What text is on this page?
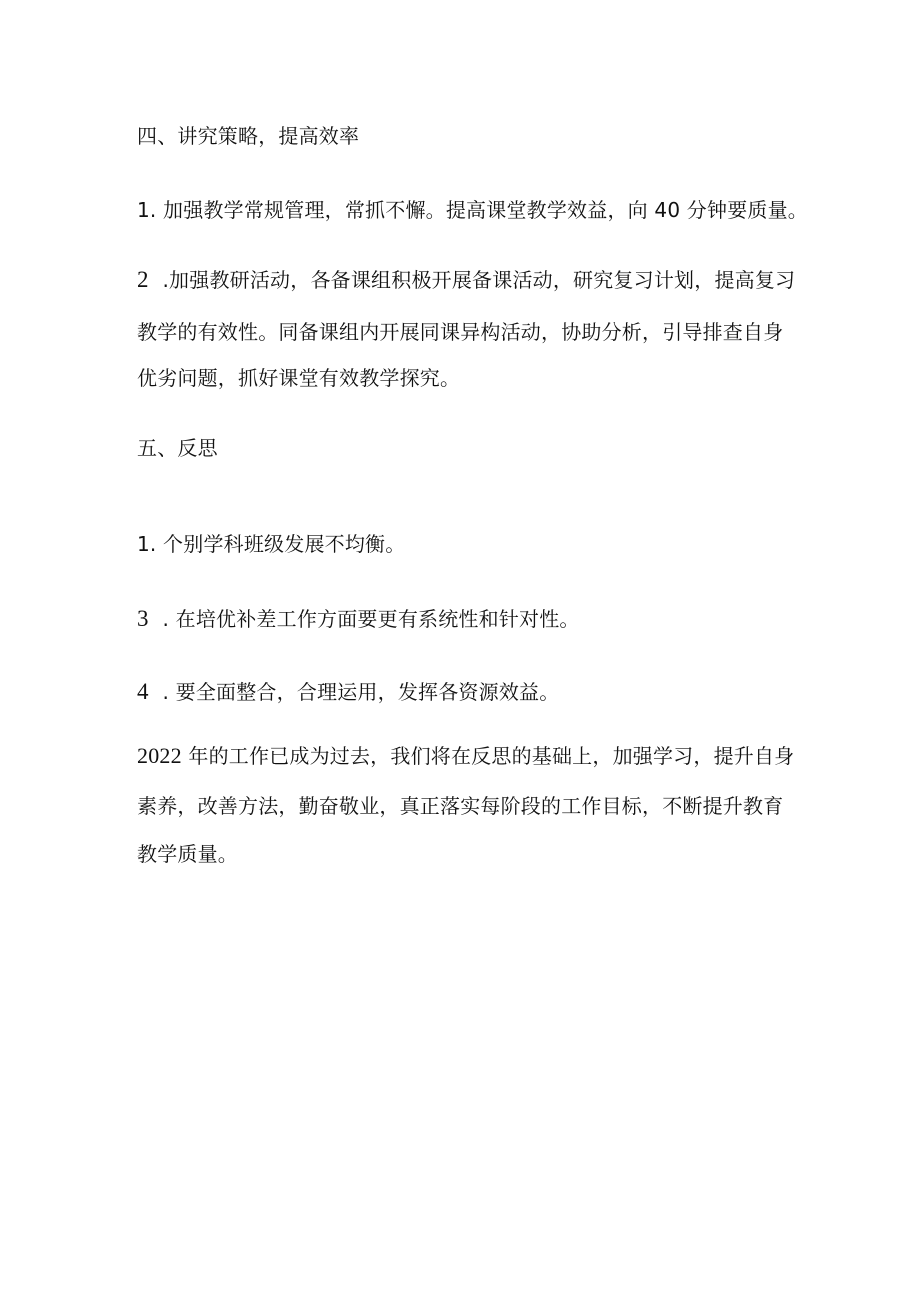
四、讲究策略，提高效率
1. 加强教学常规管理，常抓不懈。提高课堂教学效益，向 40 分钟要质量。
2 .加强教研活动，各备课组积极开展备课活动，研究复习计划，提高复习
教学的有效性。同备课组内开展同课异构活动，协助分析，引导排查自身
优劣问题，抓好课堂有效教学探究。
五、反思
1. 个别学科班级发展不均衡。
3 . 在培优补差工作方面要更有系统性和针对性。
4 . 要全面整合，合理运用，发挥各资源效益。
2022 年的工作已成为过去，我们将在反思的基础上，加强学习，提升自身
素养，改善方法，勤奋敬业，真正落实每阶段的工作目标，不断提升教育
教学质量。
